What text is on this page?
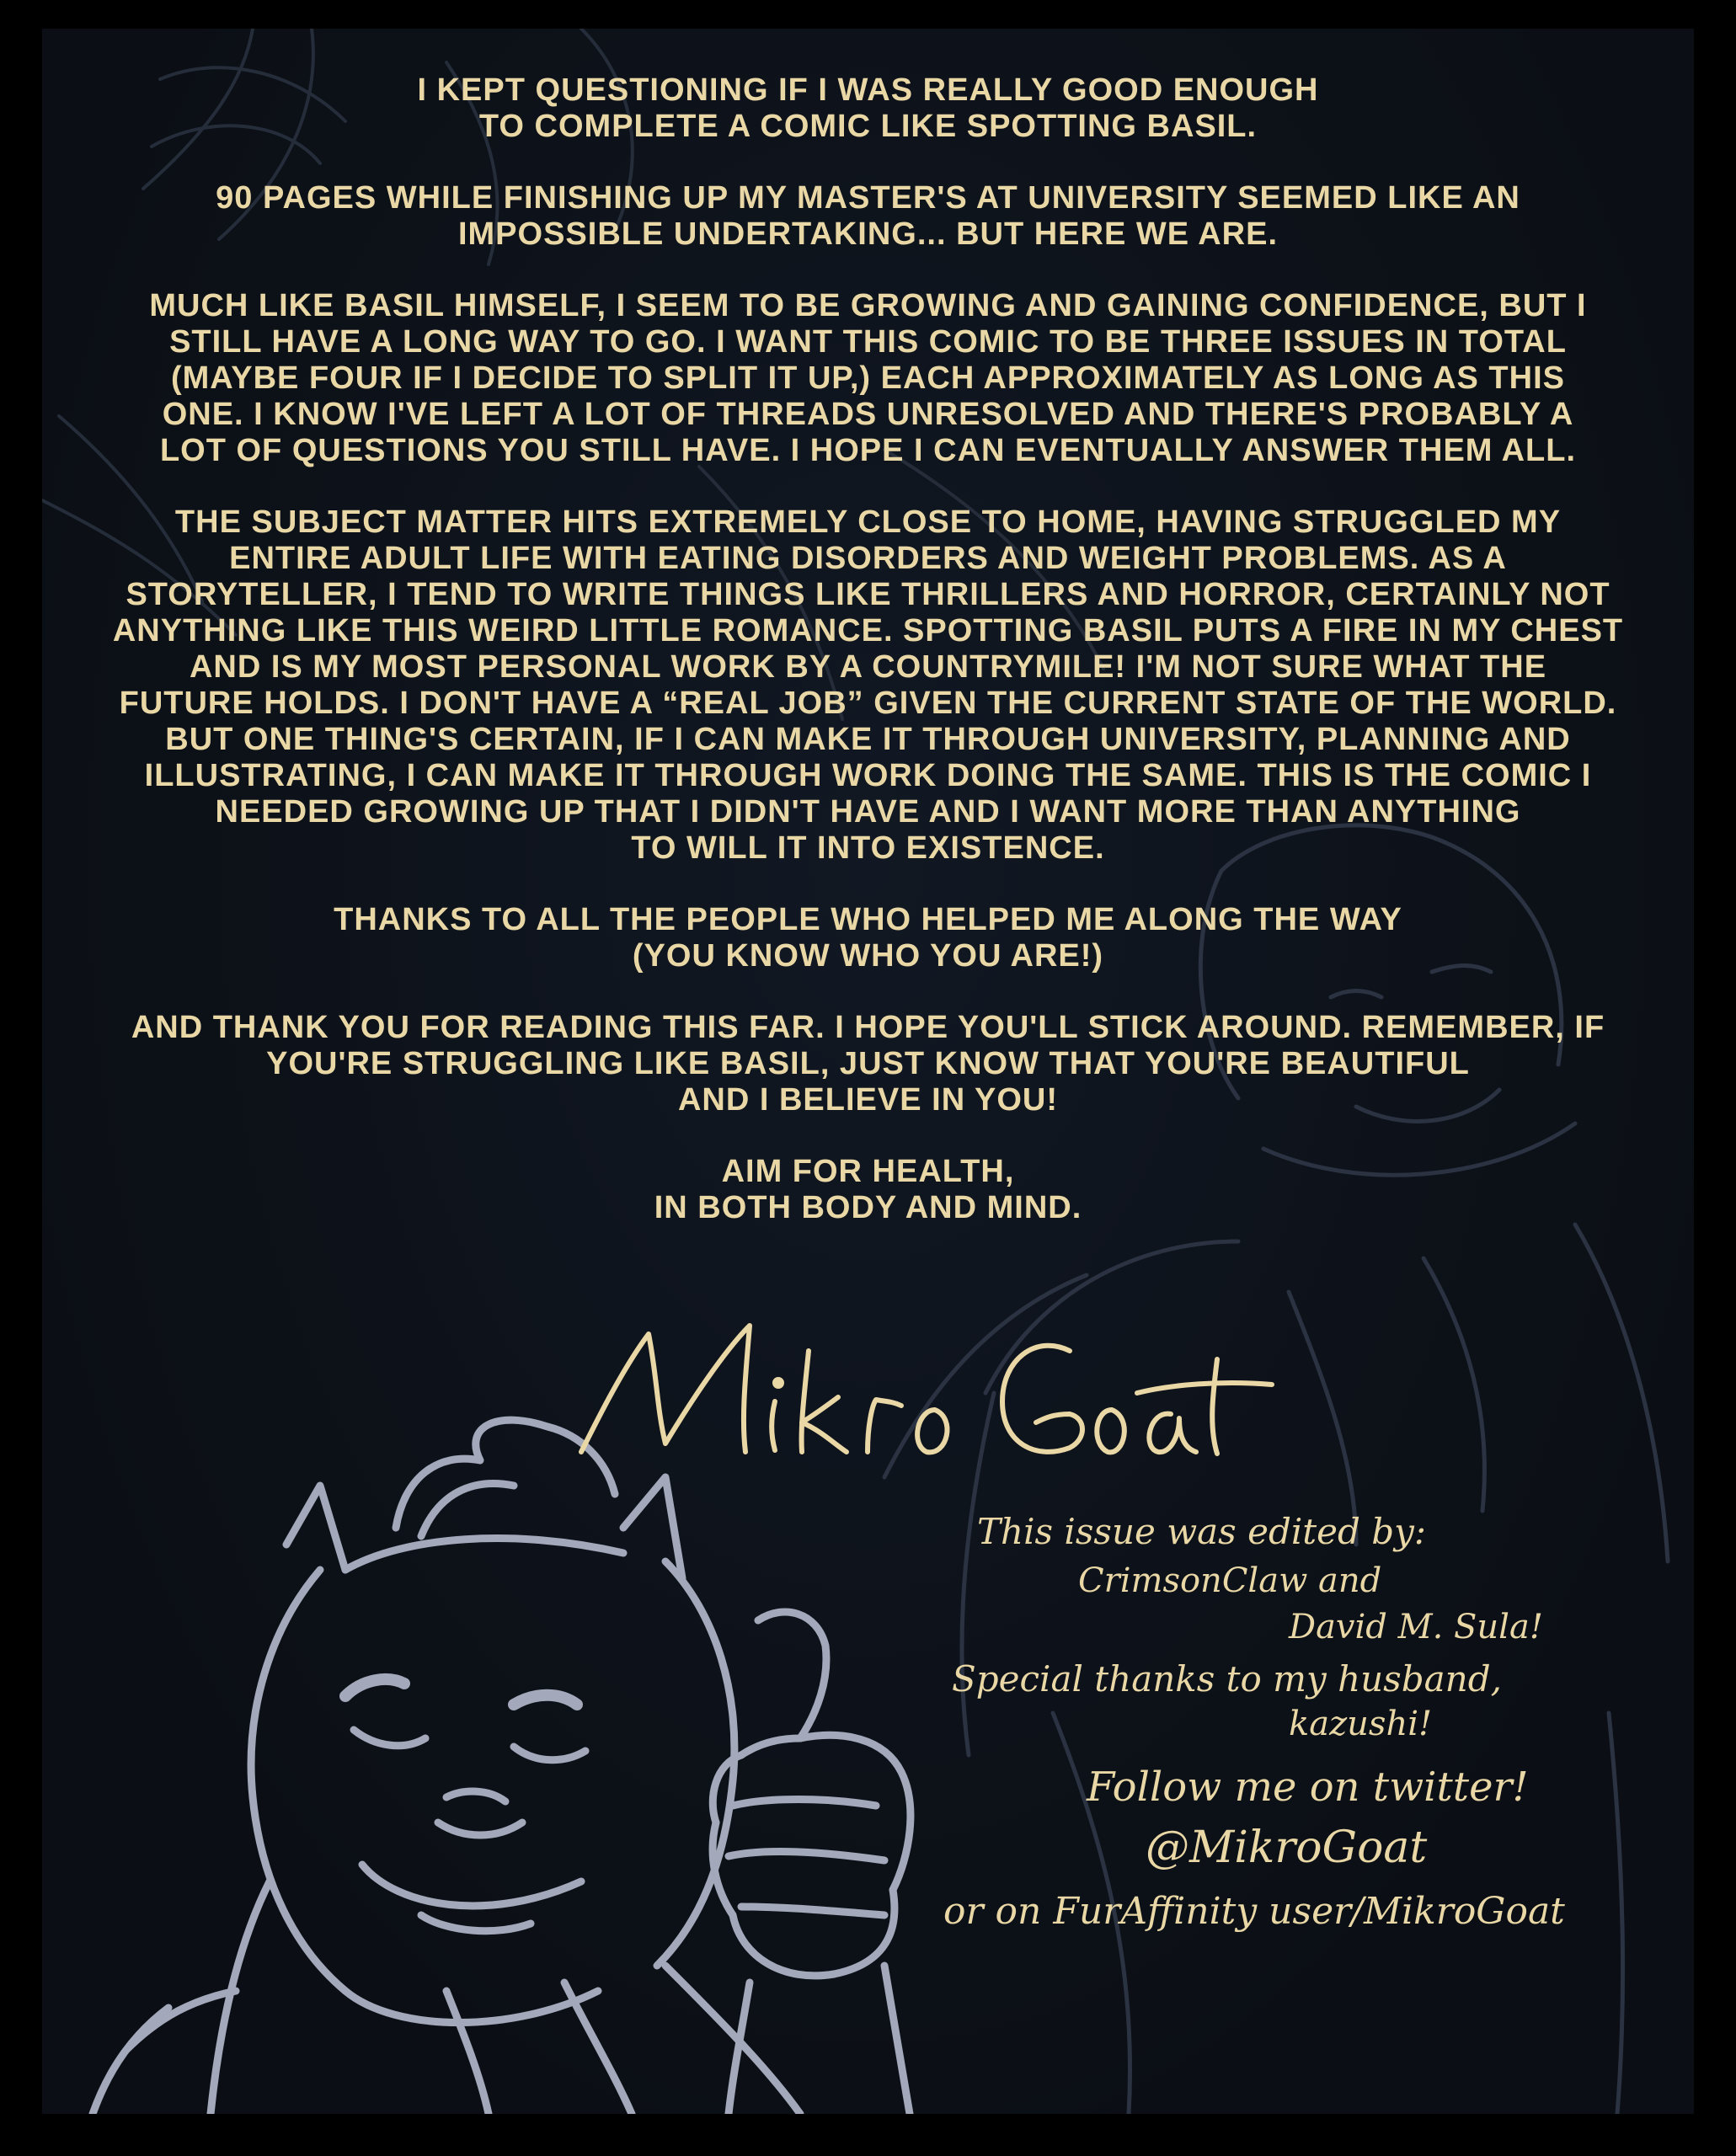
I KEPT QUESTIONING IF I WAS REALLY GOOD ENOUGH
TO COMPLETE A COMIC LIKE SPOTTING BASIL.

90 PAGES WHILE FINISHING UP MY MASTER'S AT UNIVERSITY SEEMED LIKE AN
IMPOSSIBLE UNDERTAKING... BUT HERE WE ARE.

MUCH LIKE BASIL HIMSELF, I SEEM TO BE GROWING AND GAINING CONFIDENCE, BUT I
STILL HAVE A LONG WAY TO GO. I WANT THIS COMIC TO BE THREE ISSUES IN TOTAL
(MAYBE FOUR IF I DECIDE TO SPLIT IT UP,) EACH APPROXIMATELY AS LONG AS THIS
ONE. I KNOW I'VE LEFT A LOT OF THREADS UNRESOLVED AND THERE'S PROBABLY A
LOT OF QUESTIONS YOU STILL HAVE. I HOPE I CAN EVENTUALLY ANSWER THEM ALL.

THE SUBJECT MATTER HITS EXTREMELY CLOSE TO HOME, HAVING STRUGGLED MY
ENTIRE ADULT LIFE WITH EATING DISORDERS AND WEIGHT PROBLEMS. AS A
STORYTELLER, I TEND TO WRITE THINGS LIKE THRILLERS AND HORROR, CERTAINLY NOT
ANYTHING LIKE THIS WEIRD LITTLE ROMANCE. SPOTTING BASIL PUTS A FIRE IN MY CHEST
AND IS MY MOST PERSONAL WORK BY A COUNTRYMILE! I'M NOT SURE WHAT THE
FUTURE HOLDS. I DON'T HAVE A “REAL JOB” GIVEN THE CURRENT STATE OF THE WORLD.
BUT ONE THING'S CERTAIN, IF I CAN MAKE IT THROUGH UNIVERSITY, PLANNING AND
ILLUSTRATING, I CAN MAKE IT THROUGH WORK DOING THE SAME. THIS IS THE COMIC I
NEEDED GROWING UP THAT I DIDN'T HAVE AND I WANT MORE THAN ANYTHING
TO WILL IT INTO EXISTENCE.

THANKS TO ALL THE PEOPLE WHO HELPED ME ALONG THE WAY
(YOU KNOW WHO YOU ARE!)

AND THANK YOU FOR READING THIS FAR. I HOPE YOU'LL STICK AROUND. REMEMBER, IF
YOU'RE STRUGGLING LIKE BASIL, JUST KNOW THAT YOU'RE BEAUTIFUL
AND I BELIEVE IN YOU!

AIM FOR HEALTH,
IN BOTH BODY AND MIND.

This issue was edited by:
CrimsonClaw and
David M. Sula!
Special thanks to my husband,
kazushi!
Follow me on twitter!
@MikroGoat
or on FurAffinity user/MikroGoat
